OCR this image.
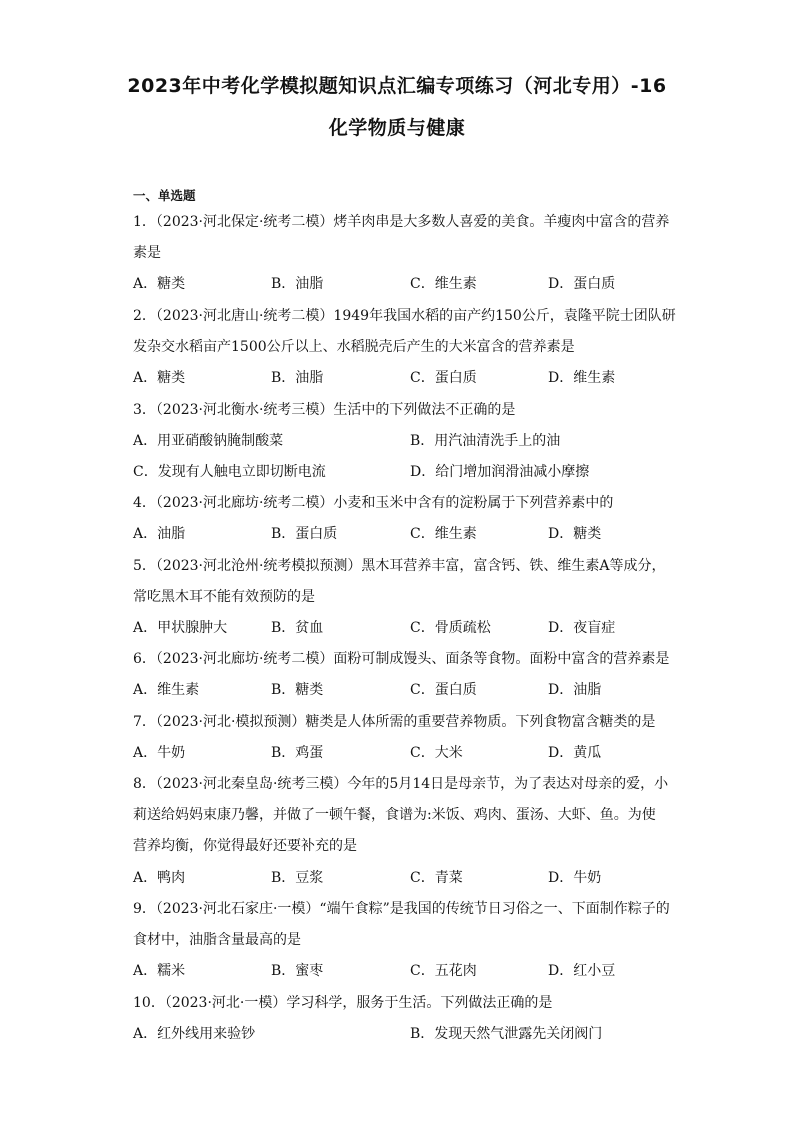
2023年中考化学模拟题知识点汇编专项练习（河北专用）-16
化学物质与健康
一、单选题
1．（2023·河北保定·统考二模）烤羊肉串是大多数人喜爱的美食。羊瘦肉中富含的营养
素是
A．糖类	B．油脂	C．维生素	D．蛋白质
2．（2023·河北唐山·统考二模）1949年我国水稻的亩产约150公斤，袁隆平院士团队研
发杂交水稻亩产1500公斤以上、水稻脱壳后产生的大米富含的营养素是
A．糖类	B．油脂	C．蛋白质	D．维生素
3．（2023·河北衡水·统考三模）生活中的下列做法不正确的是
A．用亚硝酸钠腌制酸菜	B．用汽油清洗手上的油
C．发现有人触电立即切断电流	D．给门增加润滑油减小摩擦
4．（2023·河北廊坊·统考二模）小麦和玉米中含有的淀粉属于下列营养素中的
A．油脂	B．蛋白质	C．维生素	D．糖类
5．（2023·河北沧州·统考模拟预测）黑木耳营养丰富，富含钙、铁、维生素A等成分，
常吃黑木耳不能有效预防的是
A．甲状腺肿大	B．贫血	C．骨质疏松	D．夜盲症
6．（2023·河北廊坊·统考二模）面粉可制成馒头、面条等食物。面粉中富含的营养素是
A．维生素	B．糖类	C．蛋白质	D．油脂
7．（2023·河北·模拟预测）糖类是人体所需的重要营养物质。下列食物富含糖类的是
A．牛奶	B．鸡蛋	C．大米	D．黄瓜
8．（2023·河北秦皇岛·统考三模）今年的5月14日是母亲节，为了表达对母亲的爱，小
莉送给妈妈束康乃馨，并做了一顿午餐，食谱为:米饭、鸡肉、蛋汤、大虾、鱼。为使
营养均衡，你觉得最好还要补充的是
A．鸭肉	B．豆浆	C．青菜	D．牛奶
9．（2023·河北石家庄·一模）“端午食粽”是我国的传统节日习俗之一、下面制作粽子的
食材中，油脂含量最高的是
A．糯米	B．蜜枣	C．五花肉	D．红小豆
10．（2023·河北·一模）学习科学，服务于生活。下列做法正确的是
A．红外线用来验钞	B．发现天然气泄露先关闭阀门
